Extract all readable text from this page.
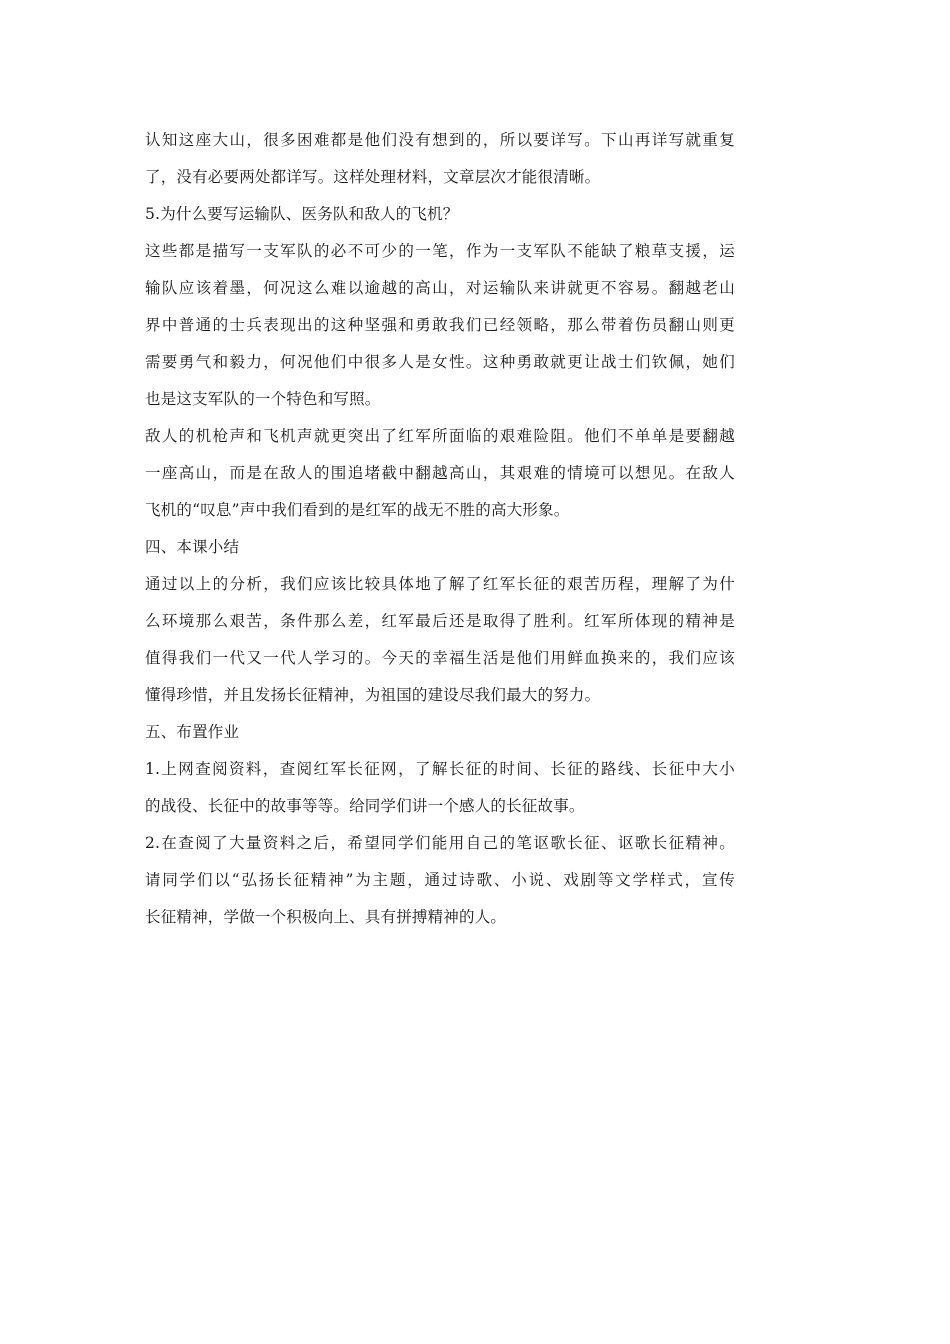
认知这座大山，很多困难都是他们没有想到的，所以要详写。下山再详写就重复
了，没有必要两处都详写。这样处理材料，文章层次才能很清晰。
5.为什么要写运输队、医务队和敌人的飞机？
这些都是描写一支军队的必不可少的一笔，作为一支军队不能缺了粮草支援，运
输队应该着墨，何况这么难以逾越的高山，对运输队来讲就更不容易。翻越老山
界中普通的士兵表现出的这种坚强和勇敢我们已经领略，那么带着伤员翻山则更
需要勇气和毅力，何况他们中很多人是女性。这种勇敢就更让战士们钦佩，她们
也是这支军队的一个特色和写照。
敌人的机枪声和飞机声就更突出了红军所面临的艰难险阻。他们不单单是要翻越
一座高山，而是在敌人的围追堵截中翻越高山，其艰难的情境可以想见。在敌人
飞机的“叹息”声中我们看到的是红军的战无不胜的高大形象。
四、本课小结
通过以上的分析，我们应该比较具体地了解了红军长征的艰苦历程，理解了为什
么环境那么艰苦，条件那么差，红军最后还是取得了胜利。红军所体现的精神是
值得我们一代又一代人学习的。今天的幸福生活是他们用鲜血换来的，我们应该
懂得珍惜，并且发扬长征精神，为祖国的建设尽我们最大的努力。
五、布置作业
1.上网查阅资料，查阅红军长征网，了解长征的时间、长征的路线、长征中大小
的战役、长征中的故事等等。给同学们讲一个感人的长征故事。
2.在查阅了大量资料之后，希望同学们能用自己的笔讴歌长征、讴歌长征精神。
请同学们以“弘扬长征精神”为主题，通过诗歌、小说、戏剧等文学样式，宣传
长征精神，学做一个积极向上、具有拼搏精神的人。
